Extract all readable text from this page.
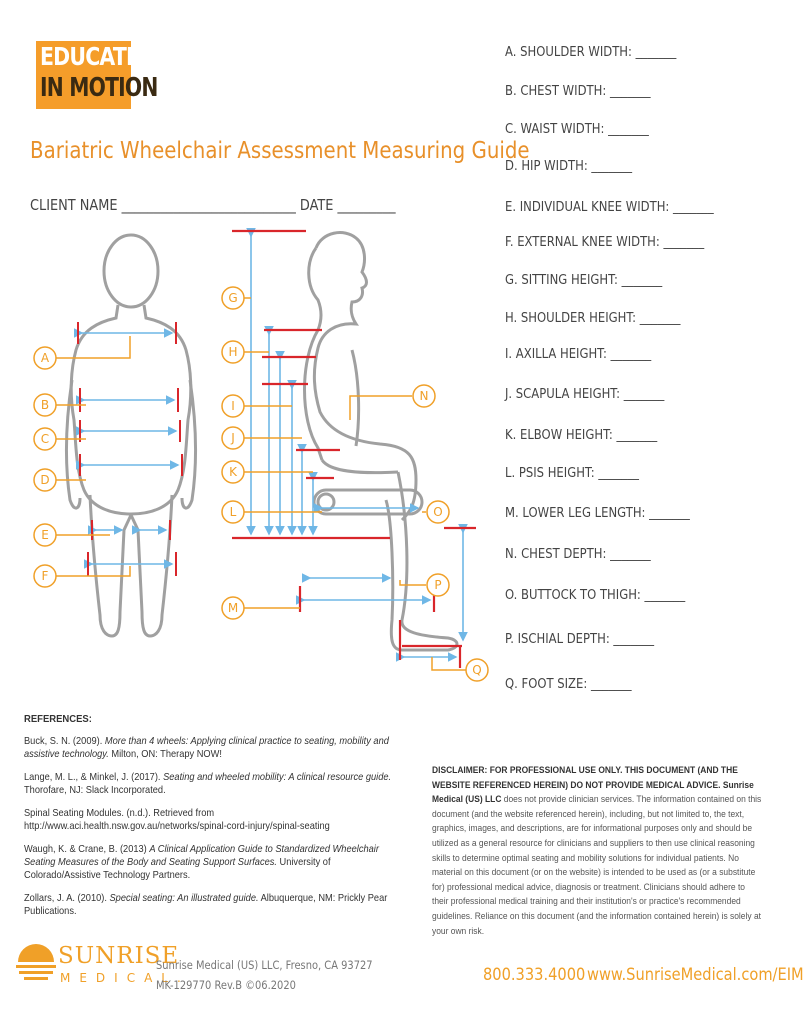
EDUCATION
IN MOTION
Bariatric Wheelchair Assessment Measuring Guide
CLIENT NAME ___________________________ DATE _________
A. SHOULDER WIDTH: _______
B. CHEST WIDTH: _______
C. WAIST WIDTH: _______
D. HIP WIDTH: _______
E. INDIVIDUAL KNEE WIDTH: _______
F. EXTERNAL KNEE WIDTH: _______
G. SITTING HEIGHT: _______
H. SHOULDER HEIGHT: _______
I. AXILLA HEIGHT: _______
J. SCAPULA HEIGHT: _______
K. ELBOW HEIGHT: _______
L. PSIS HEIGHT: _______
M. LOWER LEG LENGTH: _______
N. CHEST DEPTH: _______
O. BUTTOCK TO THIGH: _______
P. ISCHIAL DEPTH: _______
Q. FOOT SIZE: _______
A
B
C
D
E
F
G
H
I
J
K
L
M
N
O
P
Q
REFERENCES:

Buck, S. N. (2009). More than 4 wheels: Applying clinical practice to seating, mobility and assistive technology. Milton, ON: Therapy NOW!

Lange, M. L., & Minkel, J. (2017). Seating and wheeled mobility: A clinical resource guide. Thorofare, NJ: Slack Incorporated.

Spinal Seating Modules. (n.d.). Retrieved from http://www.aci.health.nsw.gov.au/networks/spinal-cord-injury/spinal-seating

Waugh, K. & Crane, B. (2013) A Clinical Application Guide to Standardized Wheelchair Seating Measures of the Body and Seating Support Surfaces. University of Colorado/Assistive Technology Partners.

Zollars, J. A. (2010). Special seating: An illustrated guide. Albuquerque, NM: Prickly Pear Publications.

DISCLAIMER: FOR PROFESSIONAL USE ONLY. THIS DOCUMENT (AND THE WEBSITE REFERENCED HEREIN) DO NOT PROVIDE MEDICAL ADVICE. Sunrise Medical (US) LLC does not provide clinician services. The information contained on this document (and the website referenced herein), including, but not limited to, the text, graphics, images, and descriptions, are for informational purposes only and should be utilized as a general resource for clinicians and suppliers to then use clinical reasoning skills to determine optimal seating and mobility solutions for individual patients. No material on this document (or on the website) is intended to be used as (or a substitute for) professional medical advice, diagnosis or treatment. Clinicians should adhere to their professional medical training and their institution's or practice's recommended guidelines. Reliance on this document (and the information contained herein) is solely at your own risk.
SUNRISE
MEDICAL.
Sunrise Medical (US) LLC, Fresno, CA 93727
MK-129770 Rev.B ©06.2020	800.333.4000 www.SunriseMedical.com/EIM
